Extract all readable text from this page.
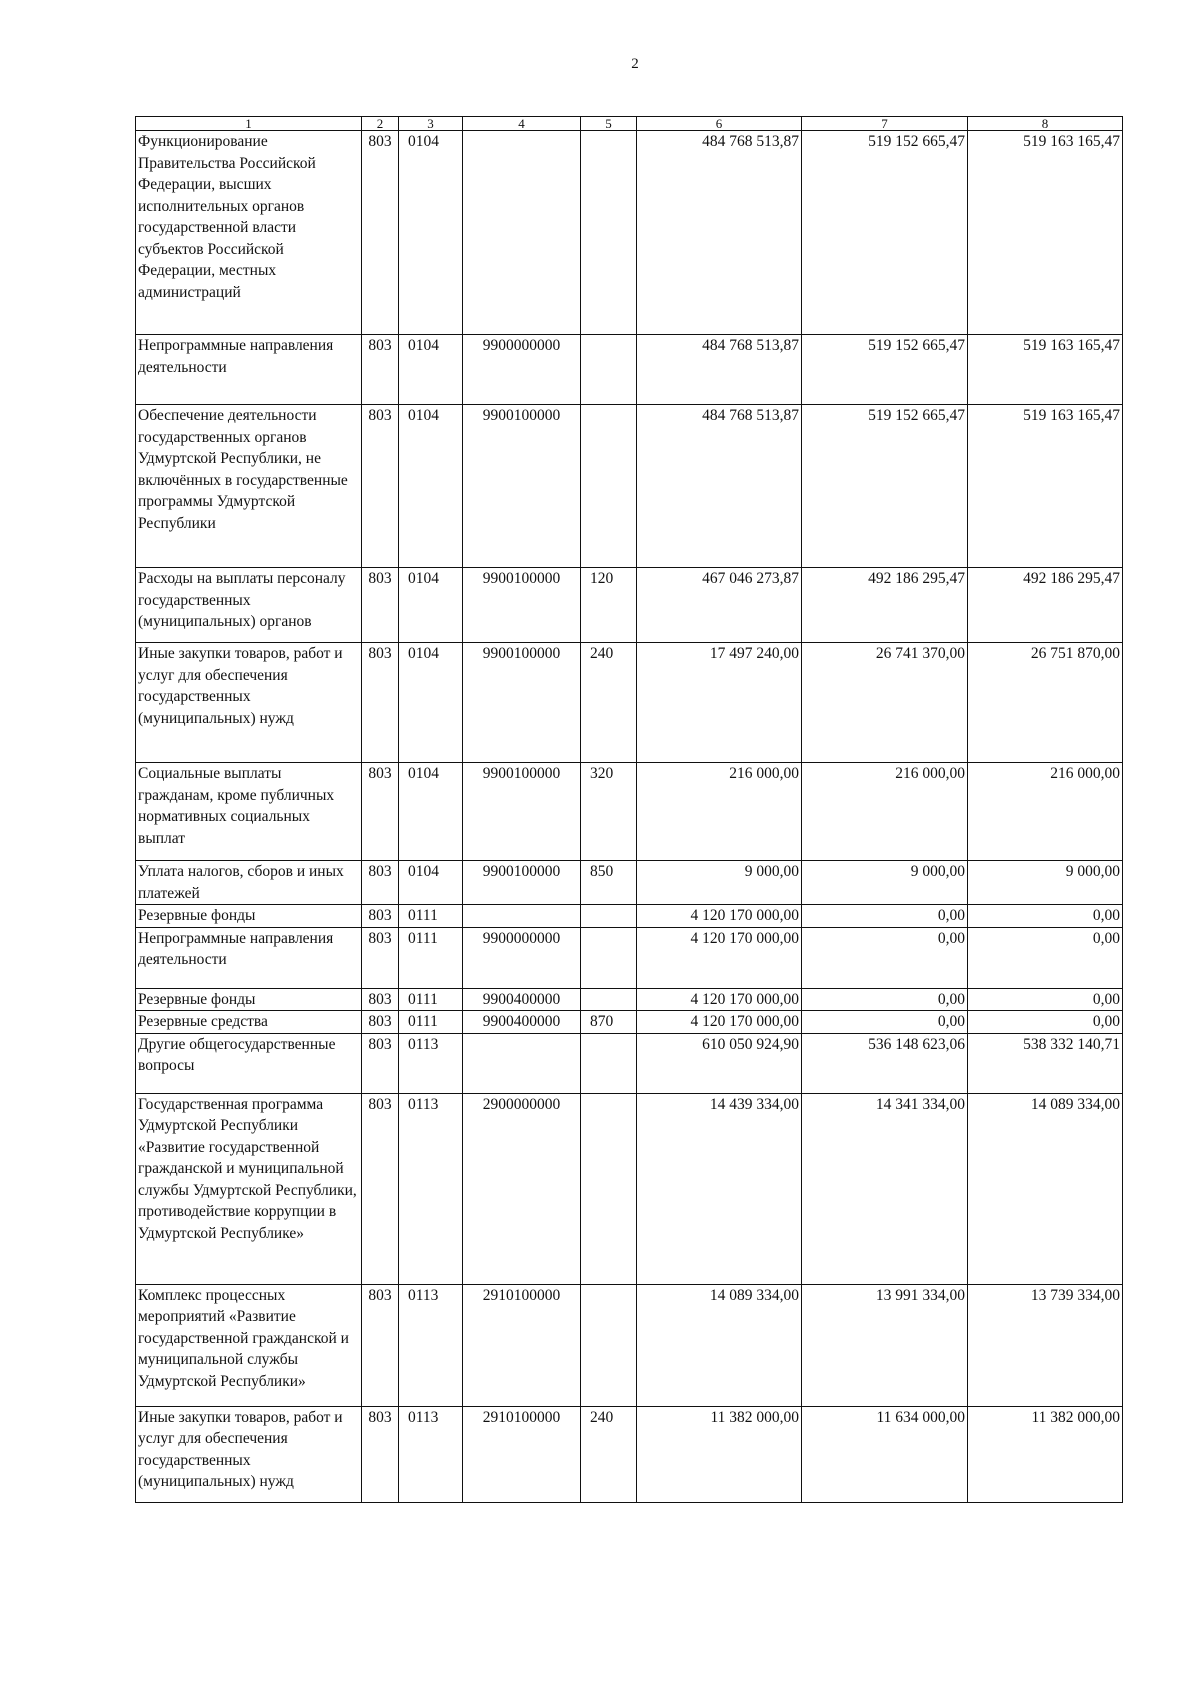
2
1	2	3	4	5	6	7	8
Функционирование Правительства Российской Федерации, высших исполнительных органов государственной власти субъектов Российской Федерации, местных администраций	803	0104			484 768 513,87	519 152 665,47	519 163 165,47
Непрограммные направления деятельности	803	0104	9900000000		484 768 513,87	519 152 665,47	519 163 165,47
Обеспечение деятельности государственных органов Удмуртской Республики, не включённых в государственные программы Удмуртской Республики	803	0104	9900100000		484 768 513,87	519 152 665,47	519 163 165,47
Расходы на выплаты персоналу государственных (муниципальных) органов	803	0104	9900100000	120	467 046 273,87	492 186 295,47	492 186 295,47
Иные закупки товаров, работ и услуг для обеспечения государственных (муниципальных) нужд	803	0104	9900100000	240	17 497 240,00	26 741 370,00	26 751 870,00
Социальные выплаты гражданам, кроме публичных нормативных социальных выплат	803	0104	9900100000	320	216 000,00	216 000,00	216 000,00
Уплата налогов, сборов и иных платежей	803	0104	9900100000	850	9 000,00	9 000,00	9 000,00
Резервные фонды	803	0111			4 120 170 000,00	0,00	0,00
Непрограммные направления деятельности	803	0111	9900000000		4 120 170 000,00	0,00	0,00
Резервные фонды	803	0111	9900400000		4 120 170 000,00	0,00	0,00
Резервные средства	803	0111	9900400000	870	4 120 170 000,00	0,00	0,00
Другие общегосударственные вопросы	803	0113			610 050 924,90	536 148 623,06	538 332 140,71
Государственная программа Удмуртской Республики «Развитие государственной гражданской и муниципальной службы Удмуртской Республики, противодействие коррупции в Удмуртской Республике»	803	0113	2900000000		14 439 334,00	14 341 334,00	14 089 334,00
Комплекс процессных мероприятий «Развитие государственной гражданской и муниципальной службы Удмуртской Республики»	803	0113	2910100000		14 089 334,00	13 991 334,00	13 739 334,00
Иные закупки товаров, работ и услуг для обеспечения государственных (муниципальных) нужд	803	0113	2910100000	240	11 382 000,00	11 634 000,00	11 382 000,00
